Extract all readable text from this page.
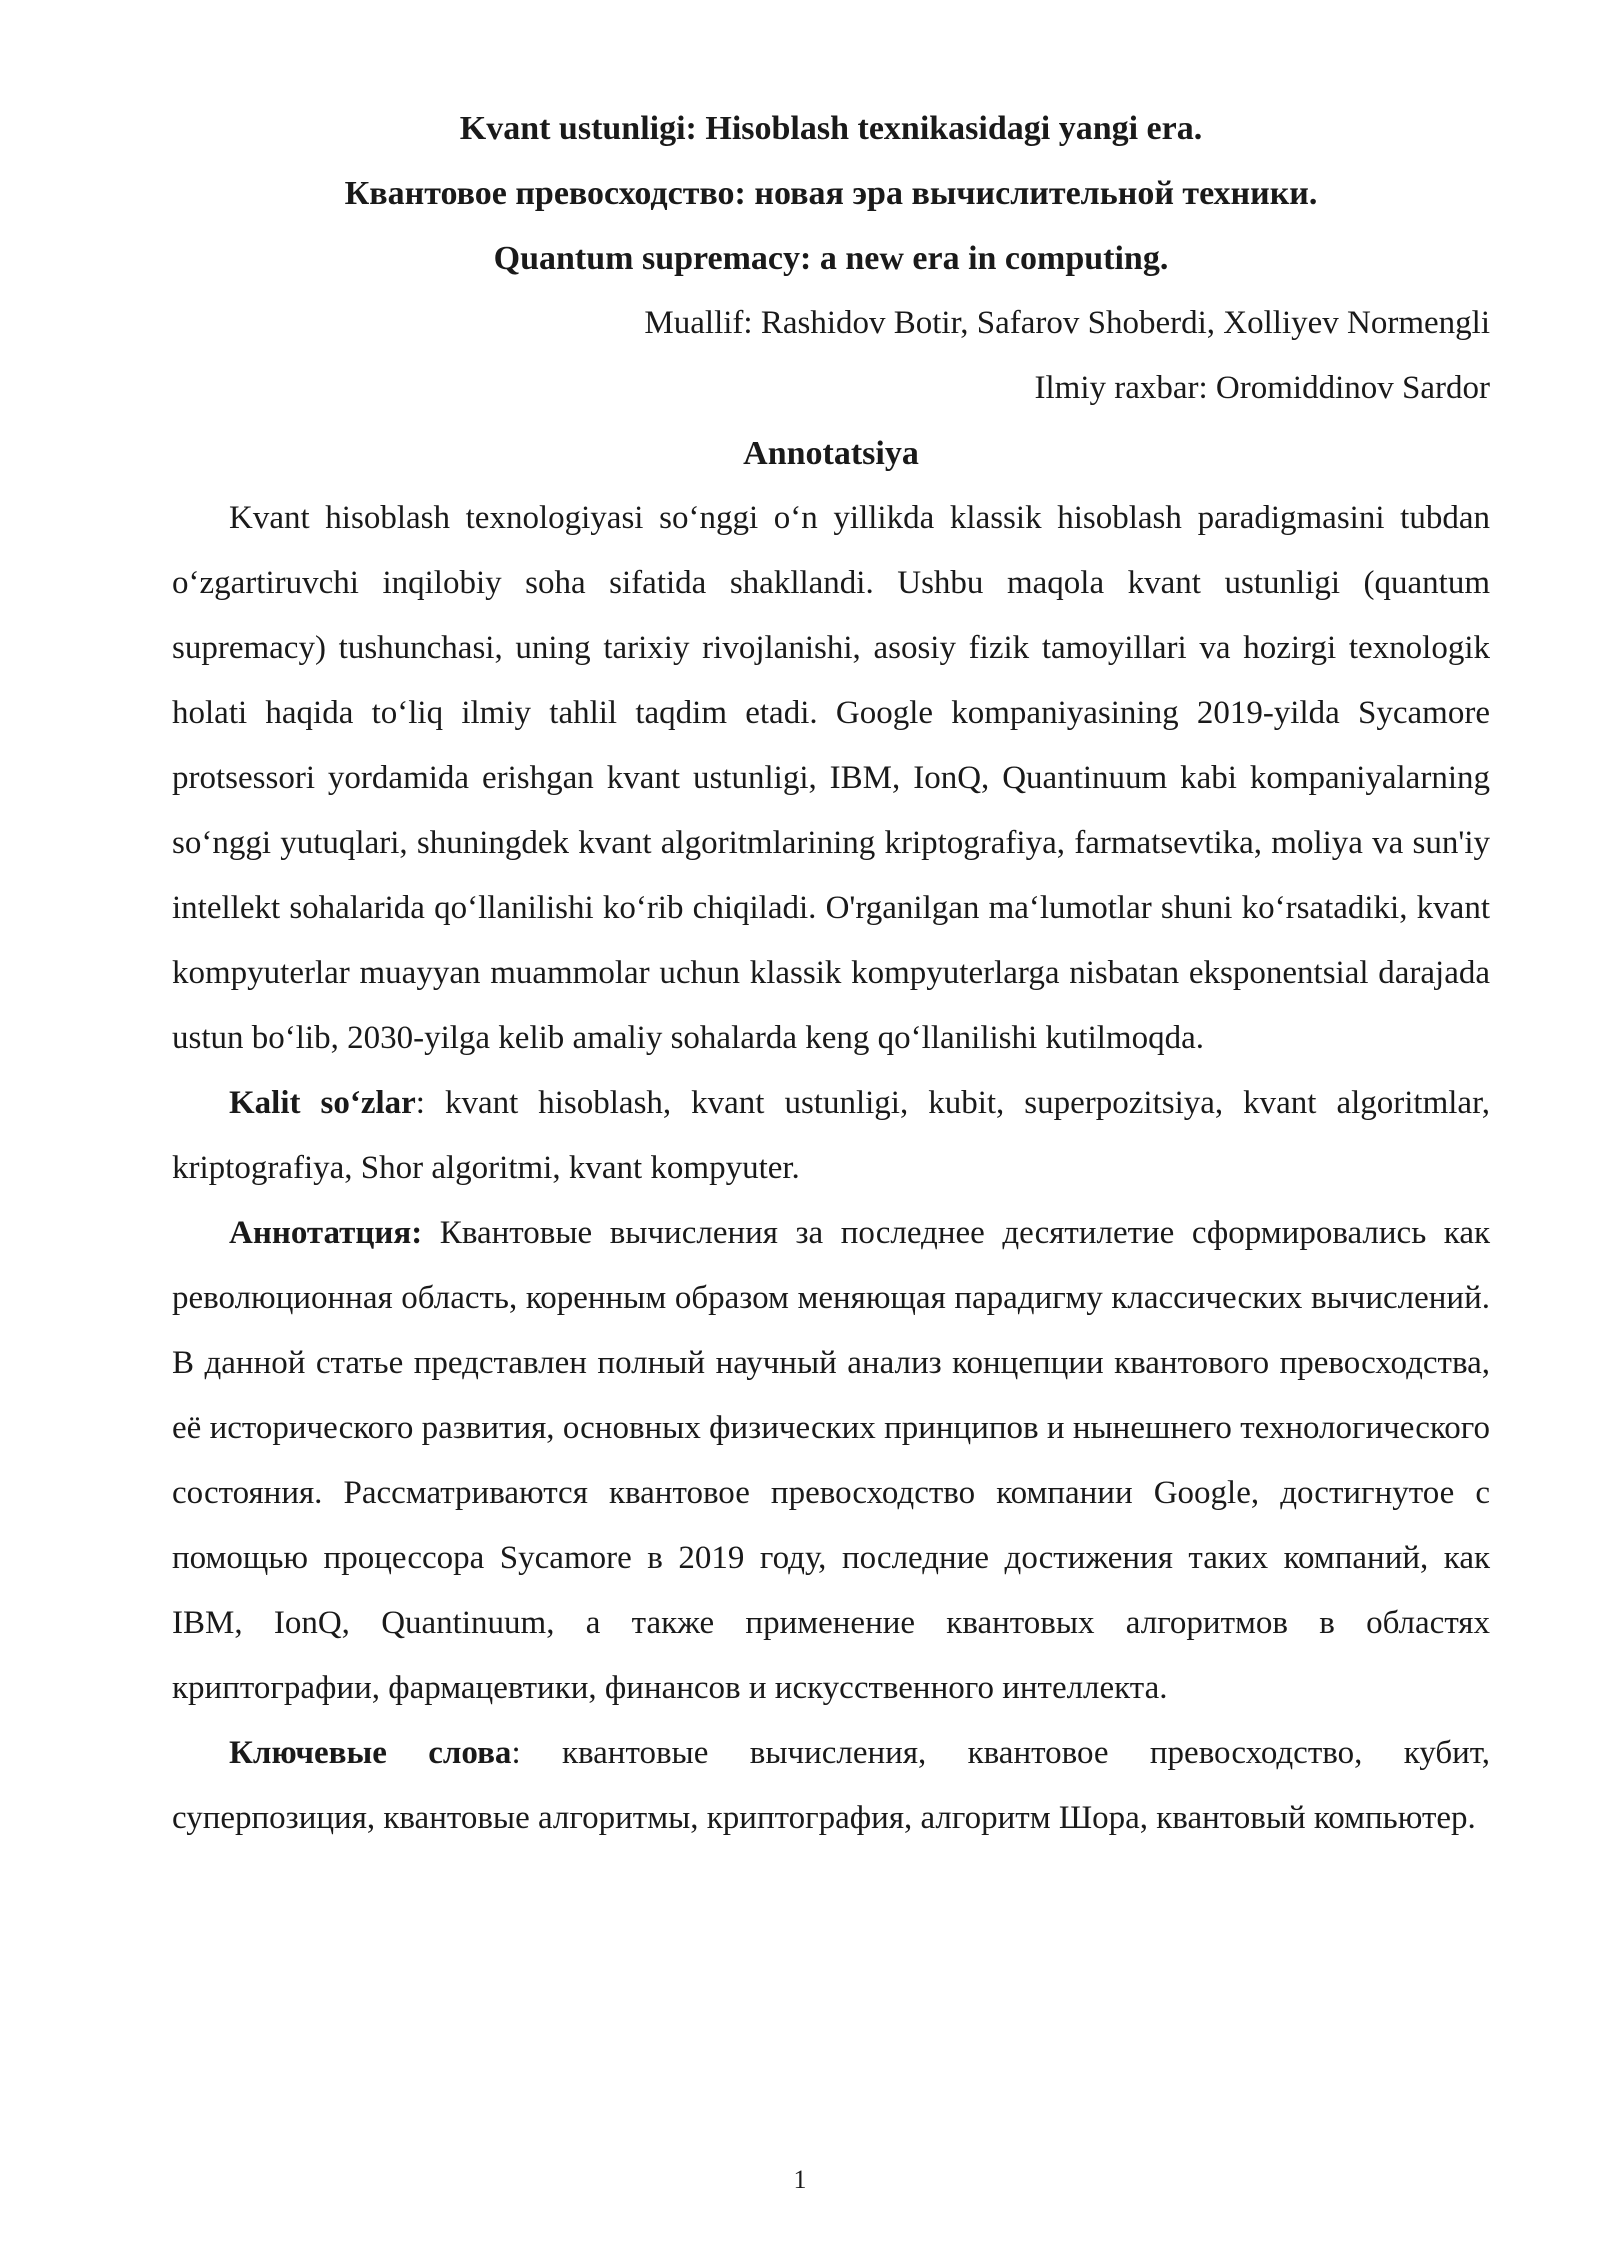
Kvant ustunligi: Hisoblash texnikasidagi yangi era.

Квантовое превосходство: новая эра вычислительной техники.

Quantum supremacy: a new era in computing.

Muallif: Rashidov Botir, Safarov Shoberdi, Xolliyev Normengli

Ilmiy raxbar: Oromiddinov Sardor

Annotatsiya

Kvant hisoblash texnologiyasi so‘nggi o‘n yillikda klassik hisoblash paradigmasini tubdan o‘zgartiruvchi inqilobiy soha sifatida shakllandi. Ushbu maqola kvant ustunligi (quantum supremacy) tushunchasi, uning tarixiy rivojlanishi, asosiy fizik tamoyillari va hozirgi texnologik holati haqida to‘liq ilmiy tahlil taqdim etadi. Google kompaniyasining 2019-yilda Sycamore protsessori yordamida erishgan kvant ustunligi, IBM, IonQ, Quantinuum kabi kompaniyalarning so‘nggi yutuqlari, shuningdek kvant algoritmlarining kriptografiya, farmatsevtika, moliya va sun'iy intellekt sohalarida qo‘llanilishi ko‘rib chiqiladi. O'rganilgan ma‘lumotlar shuni ko‘rsatadiki, kvant kompyuterlar muayyan muammolar uchun klassik kompyuterlarga nisbatan eksponentsial darajada ustun bo‘lib, 2030-yilga kelib amaliy sohalarda keng qo‘llanilishi kutilmoqda.

Kalit so‘zlar: kvant hisoblash, kvant ustunligi, kubit, superpozitsiya, kvant algoritmlar, kriptografiya, Shor algoritmi, kvant kompyuter.

Аннотатция: Квантовые вычисления за последнее десятилетие сформировались как революционная область, коренным образом меняющая парадигму классических вычислений. В данной статье представлен полный научный анализ концепции квантового превосходства, её исторического развития, основных физических принципов и нынешнего технологического состояния. Рассматриваются квантовое превосходство компании Google, достигнутое с помощью процессора Sycamore в 2019 году, последние достижения таких компаний, как IBM, IonQ, Quantinuum, а также применение квантовых алгоритмов в областях криптографии, фармацевтики, финансов и искусственного интеллекта.

Ключевые слова: квантовые вычисления, квантовое превосходство, кубит, суперпозиция, квантовые алгоритмы, криптография, алгоритм Шора, квантовый компьютер.

1
